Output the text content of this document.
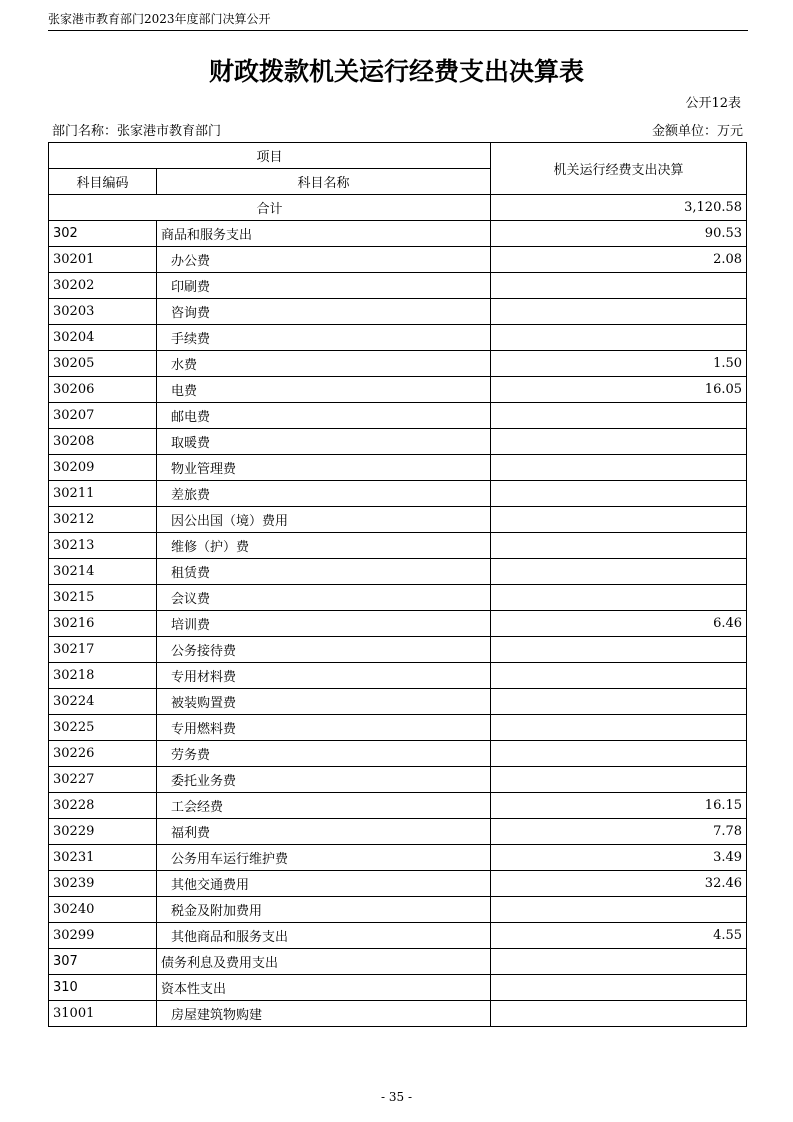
张家港市教育部门2023年度部门决算公开
财政拨款机关运行经费支出决算表
公开12表
部门名称：张家港市教育部门	金额单位：万元
项目		机关运行经费支出决算
科目编码	科目名称	
合计		3,120.58
302	商品和服务支出	90.53
30201	办公费	2.08
30202	印刷费	
30203	咨询费	
30204	手续费	
30205	水费	1.50
30206	电费	16.05
30207	邮电费	
30208	取暖费	
30209	物业管理费	
30211	差旅费	
30212	因公出国（境）费用	
30213	维修（护）费	
30214	租赁费	
30215	会议费	
30216	培训费	6.46
30217	公务接待费	
30218	专用材料费	
30224	被装购置费	
30225	专用燃料费	
30226	劳务费	
30227	委托业务费	
30228	工会经费	16.15
30229	福利费	7.78
30231	公务用车运行维护费	3.49
30239	其他交通费用	32.46
30240	税金及附加费用	
30299	其他商品和服务支出	4.55
307	债务利息及费用支出	
310	资本性支出	
31001	房屋建筑物购建	
- 35 -
